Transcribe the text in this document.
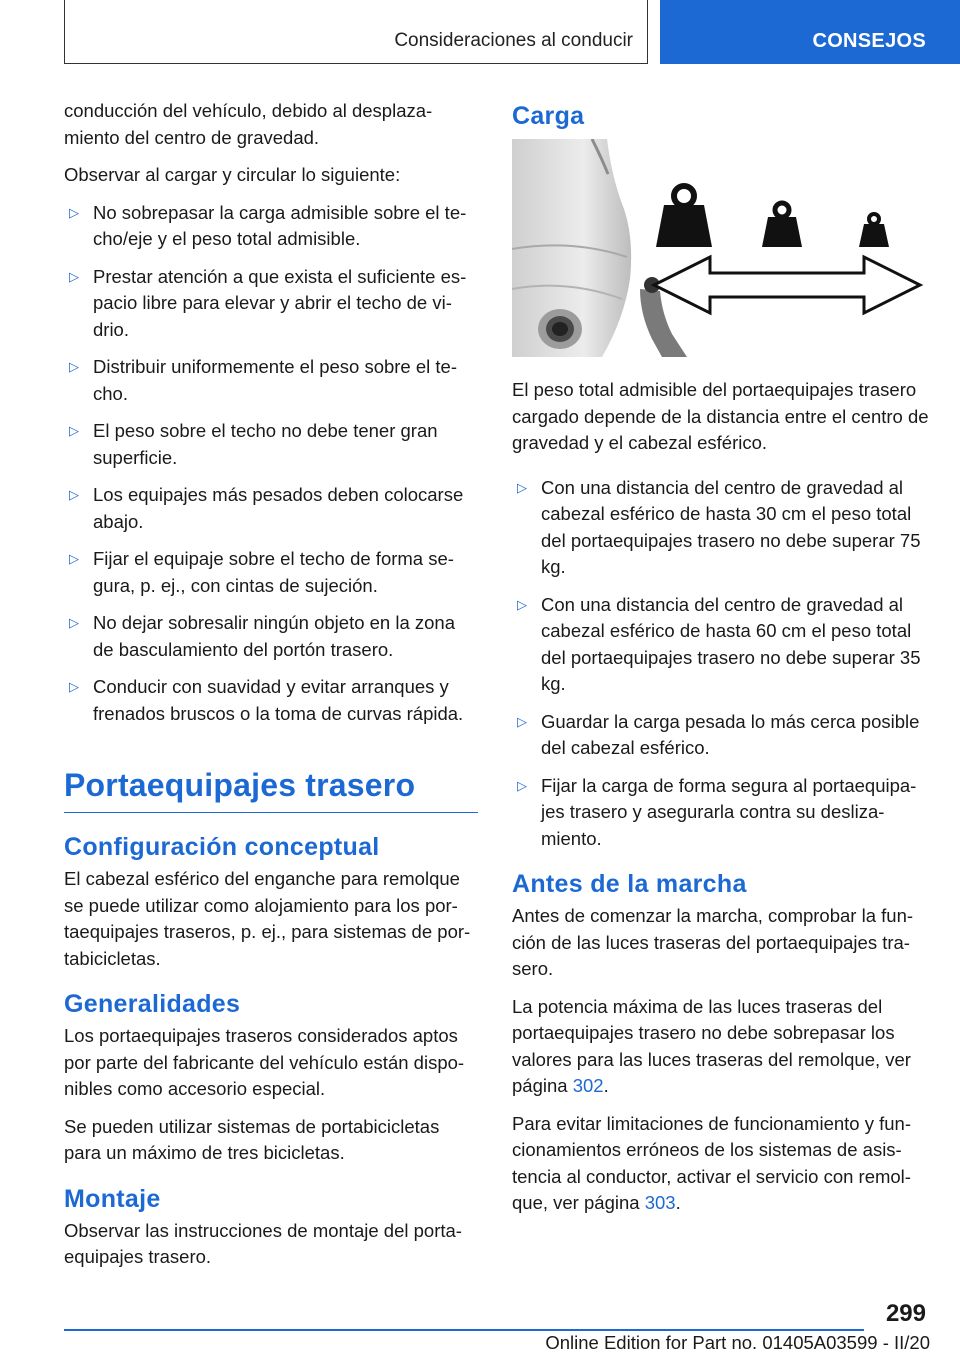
Consideraciones al conducir	CONSEJOS

conducción del vehículo, debido al desplaza-miento del centro de gravedad.

Observar al cargar y circular lo siguiente:

▷ No sobrepasar la carga admisible sobre el te-cho/eje y el peso total admisible.
▷ Prestar atención a que exista el suficiente es-pacio libre para elevar y abrir el techo de vi-drio.
▷ Distribuir uniformemente el peso sobre el te-cho.
▷ El peso sobre el techo no debe tener gran superficie.
▷ Los equipajes más pesados deben colocarse abajo.
▷ Fijar el equipaje sobre el techo de forma se-gura, p. ej., con cintas de sujeción.
▷ No dejar sobresalir ningún objeto en la zona de basculamiento del portón trasero.
▷ Conducir con suavidad y evitar arranques y frenados bruscos o la toma de curvas rápida.
Portaequipajes trasero
Configuración conceptual

El cabezal esférico del enganche para remolque se puede utilizar como alojamiento para los por-taequipajes traseros, p. ej., para sistemas de por-tabicicletas.

Generalidades

Los portaequipajes traseros considerados aptos por parte del fabricante del vehículo están dispo-nibles como accesorio especial.

Se pueden utilizar sistemas de portabicicletas para un máximo de tres bicicletas.

Montaje

Observar las instrucciones de montaje del porta-equipajes trasero.

Carga

El peso total admisible del portaequipajes trasero cargado depende de la distancia entre el centro de gravedad y el cabezal esférico.

▷ Con una distancia del centro de gravedad al cabezal esférico de hasta 30 cm el peso total del portaequipajes trasero no debe superar 75 kg.
▷ Con una distancia del centro de gravedad al cabezal esférico de hasta 60 cm el peso total del portaequipajes trasero no debe superar 35 kg.
▷ Guardar la carga pesada lo más cerca posible del cabezal esférico.
▷ Fijar la carga de forma segura al portaequipa-jes trasero y asegurarla contra su desliza-miento.
Antes de la marcha

Antes de comenzar la marcha, comprobar la fun-ción de las luces traseras del portaequipajes tra-sero.

La potencia máxima de las luces traseras del portaequipajes trasero no debe sobrepasar los valores para las luces traseras del remolque, ver página 302.

Para evitar limitaciones de funcionamiento y fun-cionamientos erróneos de los sistemas de asis-tencia al conductor, activar el servicio con remol-que, ver página 303.

299
Online Edition for Part no. 01405A03599 - II/20
